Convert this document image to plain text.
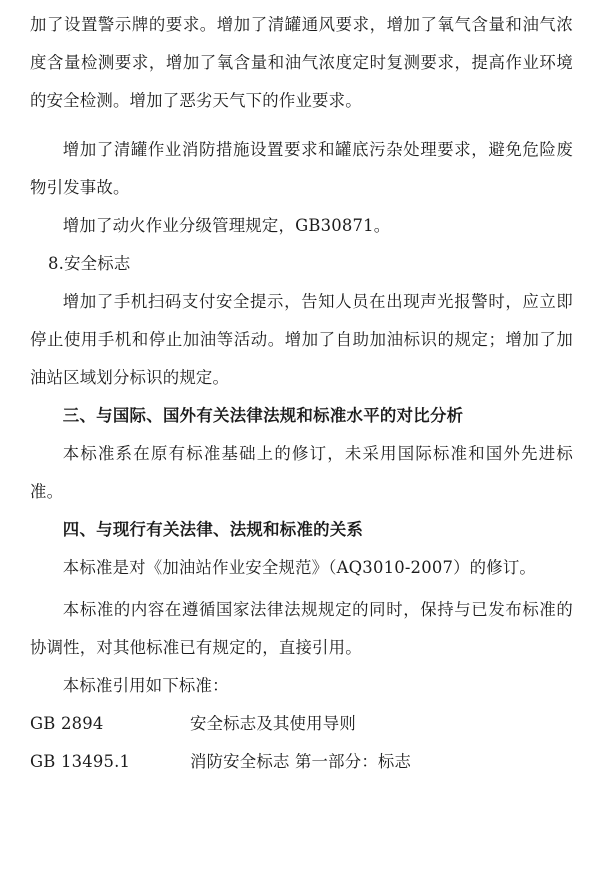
加了设置警示牌的要求。增加了清罐通风要求，增加了氧气含量和油气浓度含量检测要求，增加了氧含量和油气浓度定时复测要求，提高作业环境的安全检测。增加了恶劣天气下的作业要求。

增加了清罐作业消防措施设置要求和罐底污杂处理要求，避免危险废物引发事故。

增加了动火作业分级管理规定，GB30871。

8.安全标志

增加了手机扫码支付安全提示，告知人员在出现声光报警时，应立即停止使用手机和停止加油等活动。增加了自助加油标识的规定；增加了加油站区域划分标识的规定。

三、与国际、国外有关法律法规和标准水平的对比分析

本标准系在原有标准基础上的修订，未采用国际标准和国外先进标准。

四、与现行有关法律、法规和标准的关系

本标准是对《加油站作业安全规范》（AQ3010-2007）的修订。

本标准的内容在遵循国家法律法规规定的同时，保持与已发布标准的协调性，对其他标准已有规定的，直接引用。

本标准引用如下标准：

GB 2894	安全标志及其使用导则
GB 13495.1	消防安全标志 第一部分：标志
